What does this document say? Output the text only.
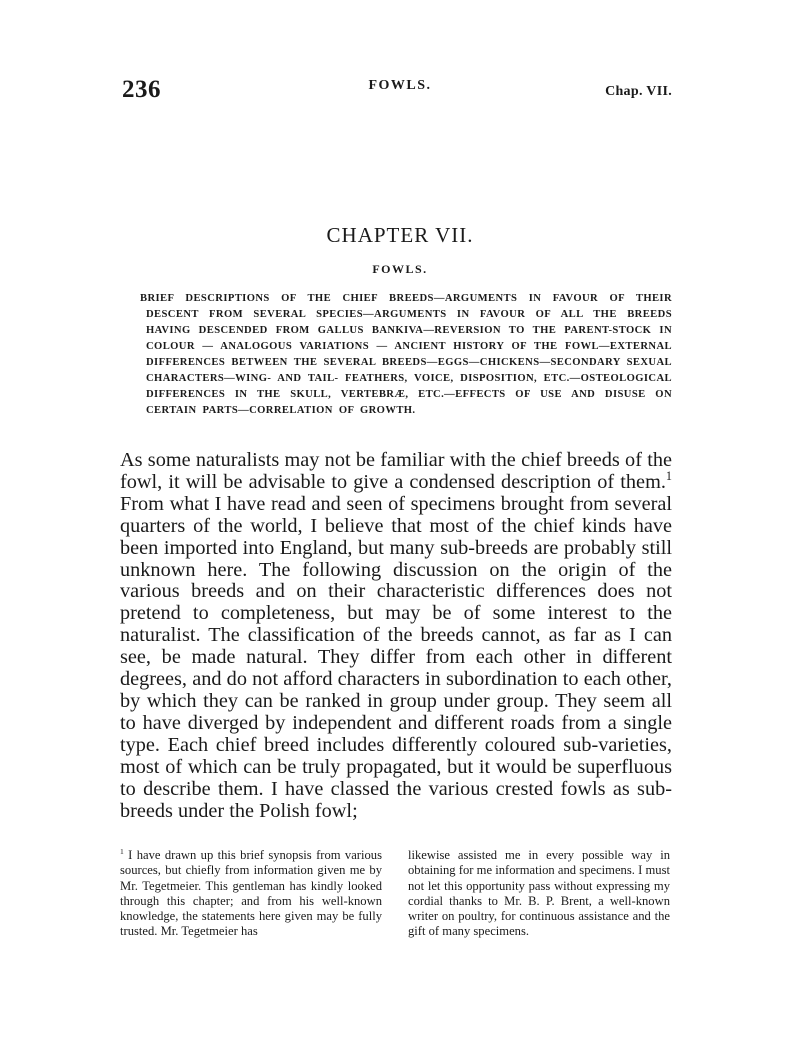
236	FOWLS.	Chap. VII.
CHAPTER VII.
FOWLS.
BRIEF DESCRIPTIONS OF THE CHIEF BREEDS—ARGUMENTS IN FAVOUR OF THEIR DESCENT FROM SEVERAL SPECIES—ARGUMENTS IN FAVOUR OF ALL THE BREEDS HAVING DESCENDED FROM GALLUS BANKIVA—REVERSION TO THE PARENT-STOCK IN COLOUR — ANALOGOUS VARIATIONS — ANCIENT HISTORY OF THE FOWL—EXTERNAL DIFFERENCES BETWEEN THE SEVERAL BREEDS—EGGS—CHICKENS—SECONDARY SEXUAL CHARACTERS—WING- AND TAIL- FEATHERS, VOICE, DISPOSITION, ETC.—OSTEOLOGICAL DIFFERENCES IN THE SKULL, VERTEBRÆ, ETC.—EFFECTS OF USE AND DISUSE ON CERTAIN PARTS—CORRELATION OF GROWTH.
As some naturalists may not be familiar with the chief breeds of the fowl, it will be advisable to give a condensed description of them.$^1$ From what I have read and seen of specimens brought from several quarters of the world, I believe that most of the chief kinds have been imported into England, but many sub-breeds are probably still unknown here. The following discussion on the origin of the various breeds and on their characteristic differences does not pretend to completeness, but may be of some interest to the naturalist. The classification of the breeds cannot, as far as I can see, be made natural. They differ from each other in different degrees, and do not afford characters in subordination to each other, by which they can be ranked in group under group. They seem all to have diverged by independent and different roads from a single type. Each chief breed includes differently coloured sub-varieties, most of which can be truly propagated, but it would be superfluous to describe them. I have classed the various crested fowls as sub-breeds under the Polish fowl;
$^1$ I have drawn up this brief synopsis from various sources, but chiefly from information given me by Mr. Tegetmeier. This gentleman has kindly looked through this chapter; and from his well-known knowledge, the statements here given may be fully trusted. Mr. Tegetmeier has
likewise assisted me in every possible way in obtaining for me information and specimens. I must not let this opportunity pass without expressing my cordial thanks to Mr. B. P. Brent, a well-known writer on poultry, for continuous assistance and the gift of many specimens.
